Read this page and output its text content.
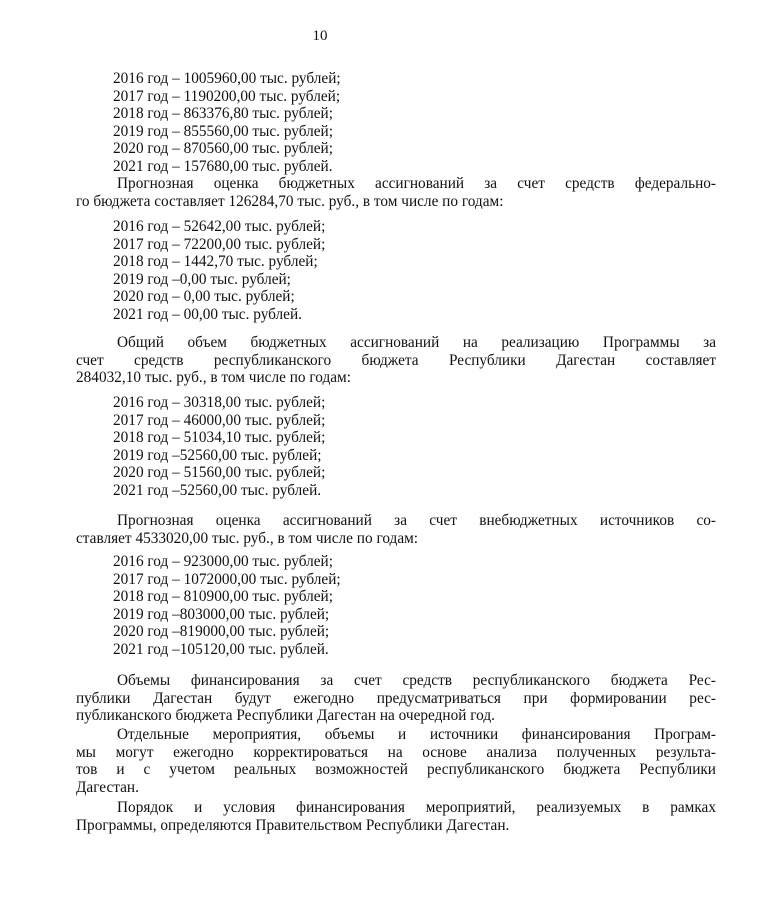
10
2016 год – 1005960,00 тыс. рублей;
2017 год – 1190200,00 тыс. рублей;
2018 год – 863376,80 тыс. рублей;
2019 год – 855560,00 тыс. рублей;
2020 год – 870560,00 тыс. рублей;
2021 год – 157680,00 тыс. рублей.
Прогнозная оценка бюджетных ассигнований за счет средств федерально-
го бюджета составляет 126284,70 тыс. руб., в том числе по годам:
2016 год – 52642,00 тыс. рублей;
2017 год – 72200,00 тыс. рублей;
2018 год – 1442,70 тыс. рублей;
2019 год –0,00 тыс. рублей;
2020 год – 0,00 тыс. рублей;
2021 год – 00,00 тыс. рублей.
Общий объем бюджетных ассигнований на реализацию Программы за
счет средств республиканского бюджета Республики Дагестан составляет
284032,10 тыс. руб., в том числе по годам:
2016 год – 30318,00 тыс. рублей;
2017 год – 46000,00 тыс. рублей;
2018 год – 51034,10 тыс. рублей;
2019 год –52560,00 тыс. рублей;
2020 год – 51560,00 тыс. рублей;
2021 год –52560,00 тыс. рублей.
Прогнозная оценка ассигнований за счет внебюджетных источников со-
ставляет 4533020,00 тыс. руб., в том числе по годам:
2016 год – 923000,00 тыс. рублей;
2017 год – 1072000,00 тыс. рублей;
2018 год – 810900,00 тыс. рублей;
2019 год –803000,00 тыс. рублей;
2020 год –819000,00 тыс. рублей;
2021 год –105120,00 тыс. рублей.
Объемы финансирования за счет средств республиканского бюджета Рес-
публики Дагестан будут ежегодно предусматриваться при формировании рес-
публиканского бюджета Республики Дагестан на очередной год.
Отдельные мероприятия, объемы и источники финансирования Програм-
мы могут ежегодно корректироваться на основе анализа полученных результа-
тов и с учетом реальных возможностей республиканского бюджета Республики
Дагестан.
Порядок и условия финансирования мероприятий, реализуемых в рамках
Программы, определяются Правительством Республики Дагестан.
